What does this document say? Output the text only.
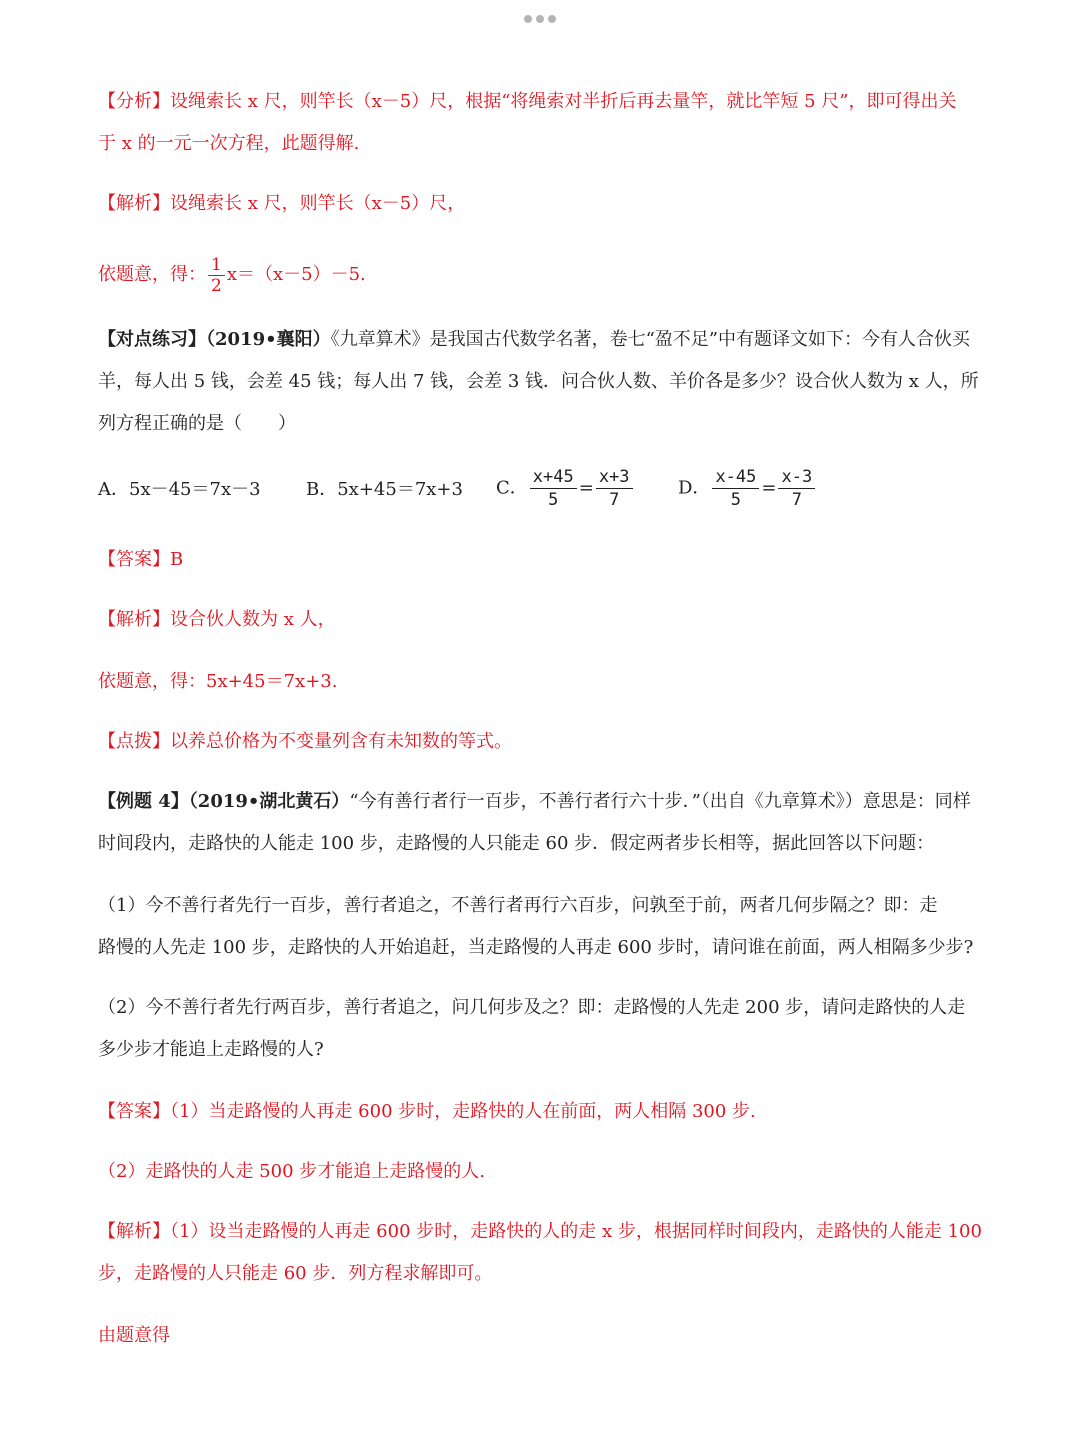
【分析】设绳索长 x 尺，则竿长（x－5）尺，根据“将绳索对半折后再去量竿，就比竿短 5 尺”，即可得出关
于 x 的一元一次方程，此题得解.
【解析】设绳索长 x 尺，则竿长（x－5）尺，
依题意，得： $\frac{1}{2} x=(x-5)-5$.
【对点练习】（2019•襄阳）《九章算术》是我国古代数学名著，卷七“盈不足”中有题译文如下：今有人合伙买
羊，每人出 5 钱，会差 45 钱；每人出 7 钱，会差 3 钱．问合伙人数、羊价各是多少？设合伙人数为 x 人，所
列方程正确的是（　　）
A．5x－45＝7x－3	B．5x+45＝7x+3 C． $\frac{x+45}{5} = \frac{x+3}{7}$	D． $\frac{x-45}{5} = \frac{x-3}{7}$
【答案】B
【解析】设合伙人数为 x 人，
依题意，得：5x+45＝7x+3.
【点拨】以养总价格为不变量列含有未知数的等式。
【例题 4】（2019•湖北黄石）“今有善行者行一百步，不善行者行六十步．”（出自《九章算术》）意思是：同样
时间段内，走路快的人能走 100 步，走路慢的人只能走 60 步．假定两者步长相等，据此回答以下问题：
（1）今不善行者先行一百步，善行者追之，不善行者再行六百步，问孰至于前，两者几何步隔之？即：走
路慢的人先走 100 步，走路快的人开始追赶，当走路慢的人再走 600 步时，请问谁在前面，两人相隔多少步?
（2）今不善行者先行两百步，善行者追之，问几何步及之？即：走路慢的人先走 200 步，请问走路快的人走
多少步才能追上走路慢的人?
【答案】（1）当走路慢的人再走 600 步时，走路快的人在前面，两人相隔 300 步.
（2）走路快的人走 500 步才能追上走路慢的人.
【解析】（1）设当走路慢的人再走 600 步时，走路快的人的走 x 步，根据同样时间段内，走路快的人能走 100
步，走路慢的人只能走 60 步．列方程求解即可。
由题意得
